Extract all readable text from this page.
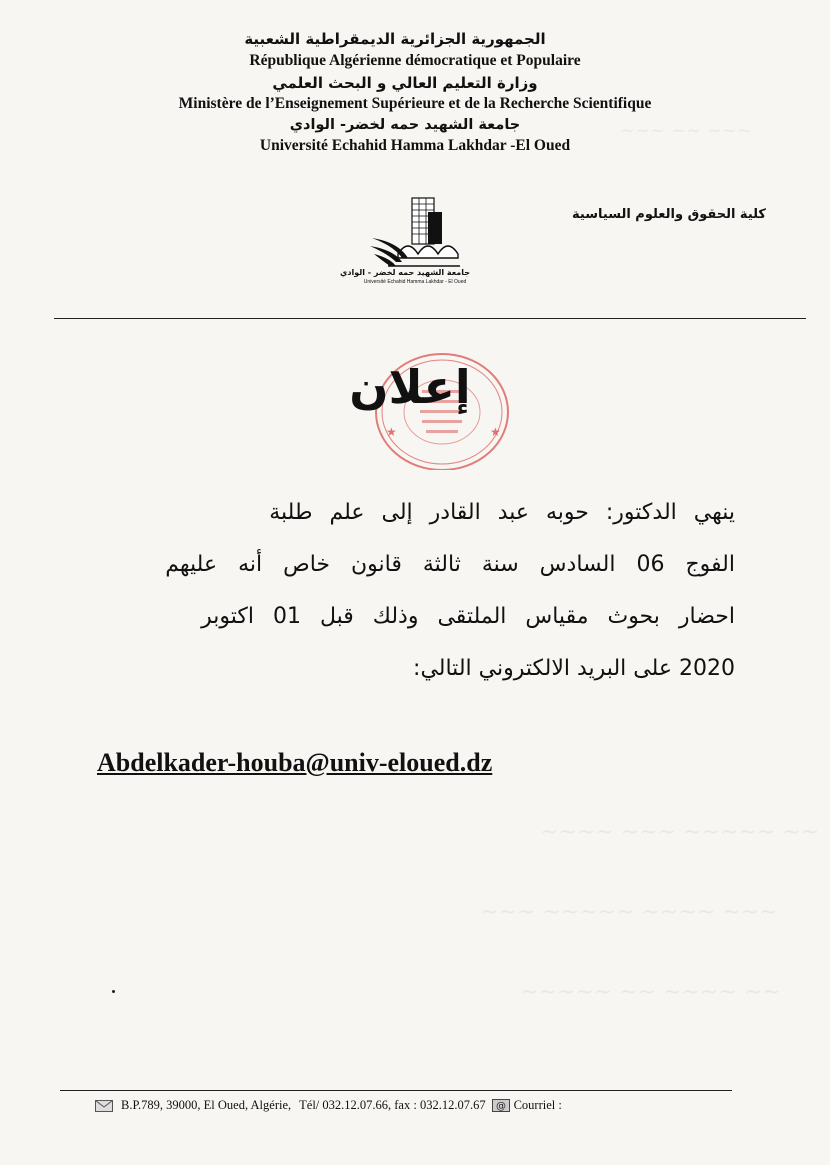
~~~ ~~ ~~~
~~~~ ~~~ ~~~~~ ~~
~~~ ~~~~~ ~~~~ ~~~
~~~~~ ~~ ~~~~ ~~
الجمهورية الجزائرية الديمقراطية الشعبية
République Algérienne démocratique et Populaire
وزارة التعليم العالي و البحث العلمي
Ministère de l’Enseignement Supérieure et de la Recherche Scientifique
جامعة الشهيد حمه لخضر- الوادي
Université Echahid Hamma Lakhdar -El Oued
كلية الحقوق والعلوم السياسية
جامعة الشهيد حمه لخضر - الوادي
Université Echahid Hamma Lakhdar - El Oued
★	★
إعلان
ينهي الدكتور: حوبه عبد القادر إلى علم طلبة
الفوج 06 السادس سنة ثالثة قانون خاص أنه عليهم
احضار بحوث مقياس الملتقى وذلك قبل 01 اكتوبر
2020 على البريد الالكتروني التالي:
Abdelkader-houba@univ-eloued.dz
B.P.789, 39000, El Oued, Algérie, Tél/ 032.12.07.66, fax : 032.12.07.67 @ Courriel :
